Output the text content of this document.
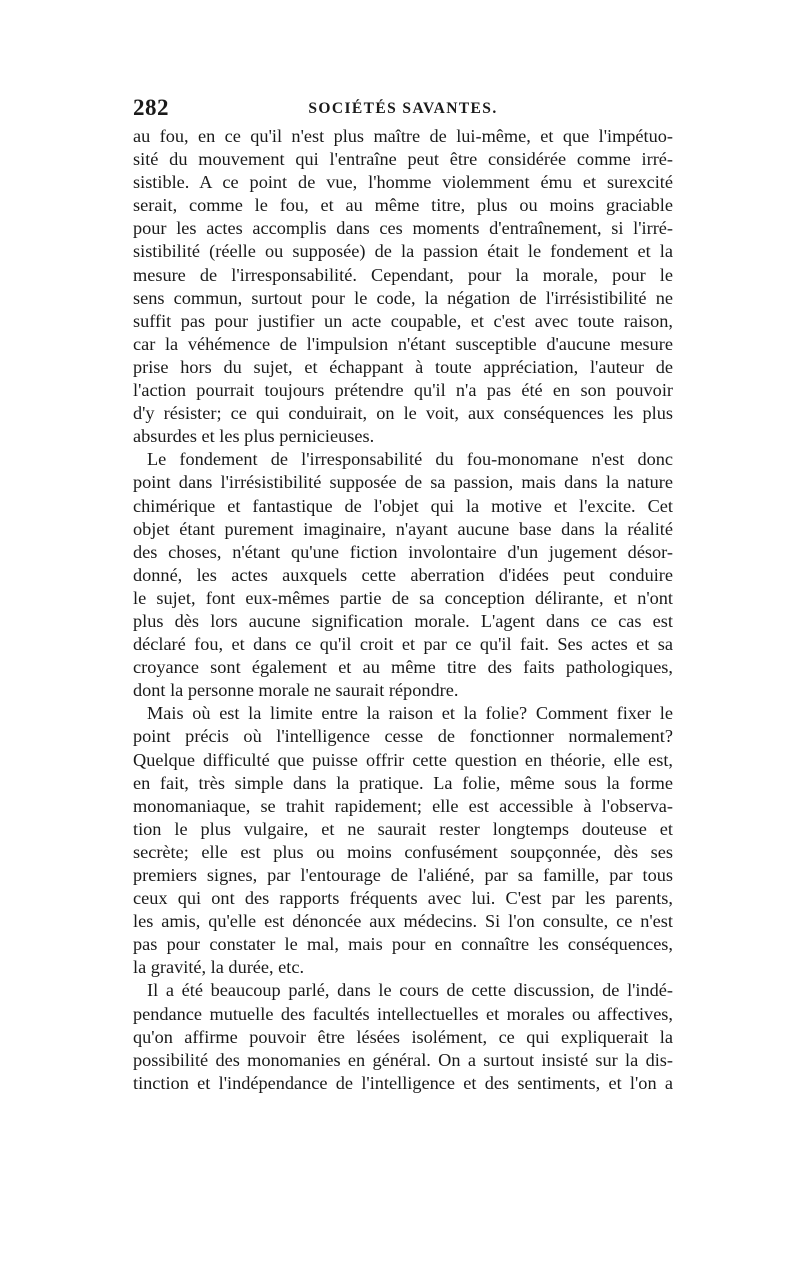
282	SOCIÉTÉS SAVANTES.
au fou, en ce qu'il n'est plus maître de lui-même, et que l'impétuo-
sité du mouvement qui l'entraîne peut être considérée comme irré-
sistible. A ce point de vue, l'homme violemment ému et surexcité
serait, comme le fou, et au même titre, plus ou moins graciable
pour les actes accomplis dans ces moments d'entraînement, si l'irré-
sistibilité (réelle ou supposée) de la passion était le fondement et la
mesure de l'irresponsabilité. Cependant, pour la morale, pour le
sens commun, surtout pour le code, la négation de l'irrésistibilité ne
suffit pas pour justifier un acte coupable, et c'est avec toute raison,
car la véhémence de l'impulsion n'étant susceptible d'aucune mesure
prise hors du sujet, et échappant à toute appréciation, l'auteur de
l'action pourrait toujours prétendre qu'il n'a pas été en son pouvoir
d'y résister; ce qui conduirait, on le voit, aux conséquences les plus
absurdes et les plus pernicieuses.
Le fondement de l'irresponsabilité du fou-monomane n'est donc
point dans l'irrésistibilité supposée de sa passion, mais dans la nature
chimérique et fantastique de l'objet qui la motive et l'excite. Cet
objet étant purement imaginaire, n'ayant aucune base dans la réalité
des choses, n'étant qu'une fiction involontaire d'un jugement désor-
donné, les actes auxquels cette aberration d'idées peut conduire
le sujet, font eux-mêmes partie de sa conception délirante, et n'ont
plus dès lors aucune signification morale. L'agent dans ce cas est
déclaré fou, et dans ce qu'il croit et par ce qu'il fait. Ses actes et sa
croyance sont également et au même titre des faits pathologiques,
dont la personne morale ne saurait répondre.
Mais où est la limite entre la raison et la folie? Comment fixer le
point précis où l'intelligence cesse de fonctionner normalement?
Quelque difficulté que puisse offrir cette question en théorie, elle est,
en fait, très simple dans la pratique. La folie, même sous la forme
monomaniaque, se trahit rapidement; elle est accessible à l'observa-
tion le plus vulgaire, et ne saurait rester longtemps douteuse et
secrète; elle est plus ou moins confusément soupçonnée, dès ses
premiers signes, par l'entourage de l'aliéné, par sa famille, par tous
ceux qui ont des rapports fréquents avec lui. C'est par les parents,
les amis, qu'elle est dénoncée aux médecins. Si l'on consulte, ce n'est
pas pour constater le mal, mais pour en connaître les conséquences,
la gravité, la durée, etc.
Il a été beaucoup parlé, dans le cours de cette discussion, de l'indé-
pendance mutuelle des facultés intellectuelles et morales ou affectives,
qu'on affirme pouvoir être lésées isolément, ce qui expliquerait la
possibilité des monomanies en général. On a surtout insisté sur la dis-
tinction et l'indépendance de l'intelligence et des sentiments, et l'on a
